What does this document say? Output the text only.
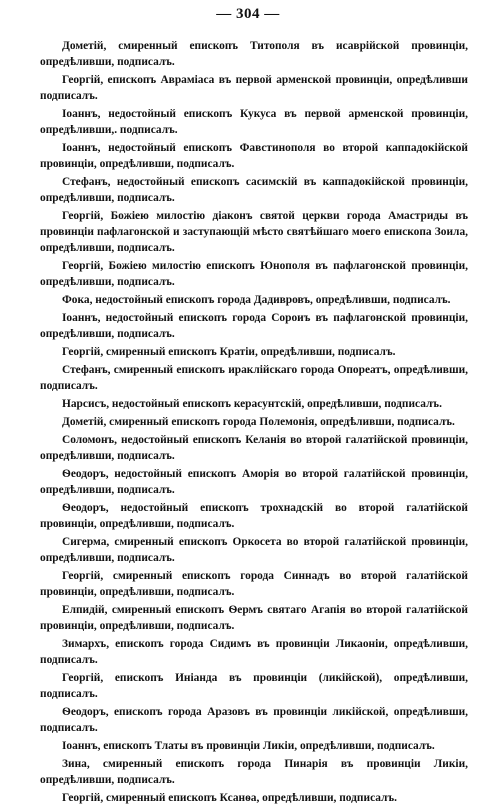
— 304 —

Дометій, смиренный епископъ Титополя въ исаврійской провинціи, опредѣливши, подписалъ.

Георгій, епископъ Авраміаса въ первой арменской провинціи, опредѣливши подписалъ.

Іоаннъ, недостойный епископъ Кукуса въ первой арменской провинціи, опредѣливши,. подписалъ.

Іоаннъ, недостойный епископъ Фавстинополя во второй каппадокійской провинціи, опредѣливши, подписалъ.

Стефанъ, недостойный епископъ сасимскій въ каппадокійской провинціи, опредѣливши, подписалъ.

Георгій, Божіею милостію діаконъ святой церкви города Амастриды въ провинціи пафлагонской и заступающій мѣсто святѣйшаго моего епископа Зоила, опредѣливши, подписалъ.

Георгій, Божіею милостію епископъ Юнополя въ пафлагонской провинціи, опредѣливши, подписалъ.

Фока, недостойный епископъ города Дадивровъ, опредѣливши, подписалъ.

Іоаннъ, недостойный епископъ города Сороиъ въ пафлагонской провинціи, опредѣливши, подписалъ.

Георгій, смиренный епископъ Кратіи, опредѣливши, подписалъ.

Стефанъ, смиренный епископъ ираклійскаго города Опореатъ, опредѣливши, подписалъ.

Нарсисъ, недостойный епископъ керасунтскій, опредѣливши, подписалъ.

Дометій, смиренный епископъ города Полемонія, опредѣливши, подписалъ.

Соломонъ, недостойный епископъ Келанія во второй галатійской провинціи, опредѣливши, подписалъ.

Ѳеодоръ, недостойный епископъ Аморія во второй галатійской провинціи, опредѣливши, подписалъ.

Ѳеодоръ, недостойный епископъ трохнадскій во второй галатійской провинціи, опредѣливши, подписалъ.

Сигерма, смиренный епископъ Оркосета во второй галатійской провинціи, опредѣливши, подписалъ.

Георгій, смиренный епископъ города Синнадъ во второй галатійской провинціи, опредѣливши, подписалъ.

Елпидій, смиренный епископъ Ѳермъ святаго Агапія во второй галатійской провинціи, опредѣливши, подписалъ.

Зимархъ, епископъ города Сидимъ въ провинціи Ликаоніи, опредѣливши, подписалъ.

Георгій, епископъ Иніанда въ провинціи (ликійской), опредѣливши, подписалъ.

Ѳеодоръ, епископъ города Аразовъ въ провинціи ликійской, опредѣливши, подписалъ.

Іоаннъ, епископъ Тлаты въ провинціи Ликіи, опредѣливши, подписалъ.

Зина, смиренный епископъ города Пинарія въ провинціи Ликіи, опредѣливши, подписалъ.

Георгій, смиренный епископъ Ксанѳа, опредѣливши, подписалъ.
